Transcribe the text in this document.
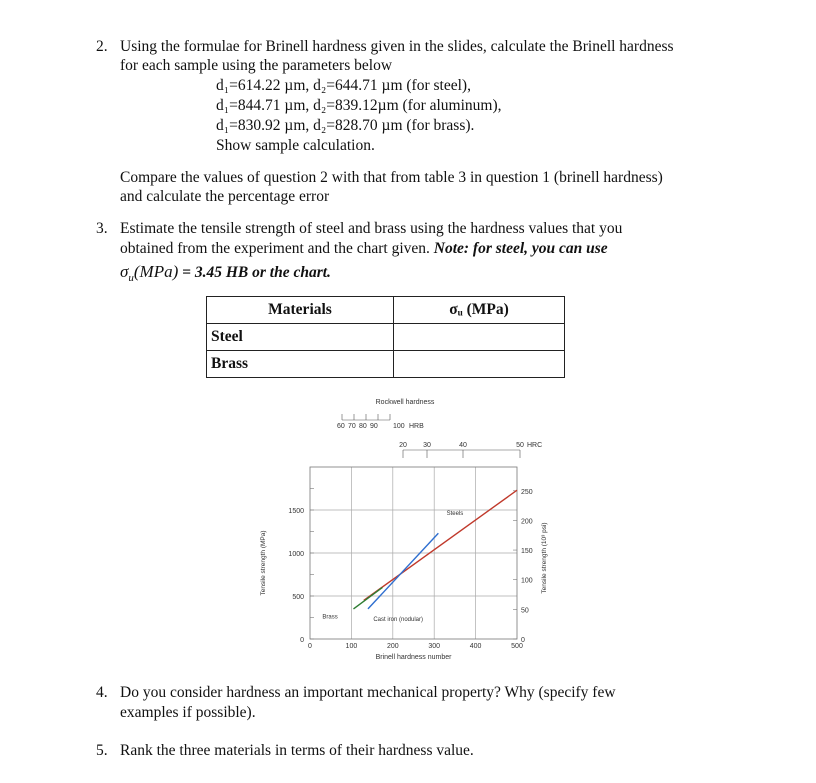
2. Using the formulae for Brinell hardness given in the slides, calculate the Brinell hardness
for each sample using the parameters below
d₁=614.22 µm, d₂=644.71 µm (for steel),
d₁=844.71 µm, d₂=839.12µm (for aluminum),
d₁=830.92 µm, d₂=828.70 µm (for brass).
Show sample calculation.
Compare the values of question 2 with that from table 3 in question 1 (brinell hardness)
and calculate the percentage error
3. Estimate the tensile strength of steel and brass using the hardness values that you
obtained from the experiment and the chart given. Note: for steel, you can use
$\sigma_u(MPa) = 3.45$ HB or the chart.
Materials	σᵤ (MPa)
Steel	
Brass	
0
500
1000
1500
0
50
100
150
200
250
0	100	200	300	400	500
Brinell hardness number
Tensile strength (MPa)	Tensile strength (10³ psi)
Rockwell hardness
60 70 80 90 100 HRB
20 30	40	50 HRC
Steels
Brass	Cast iron (nodular)
4. Do you consider hardness an important mechanical property? Why (specify few
examples if possible).
5. Rank the three materials in terms of their hardness value.
